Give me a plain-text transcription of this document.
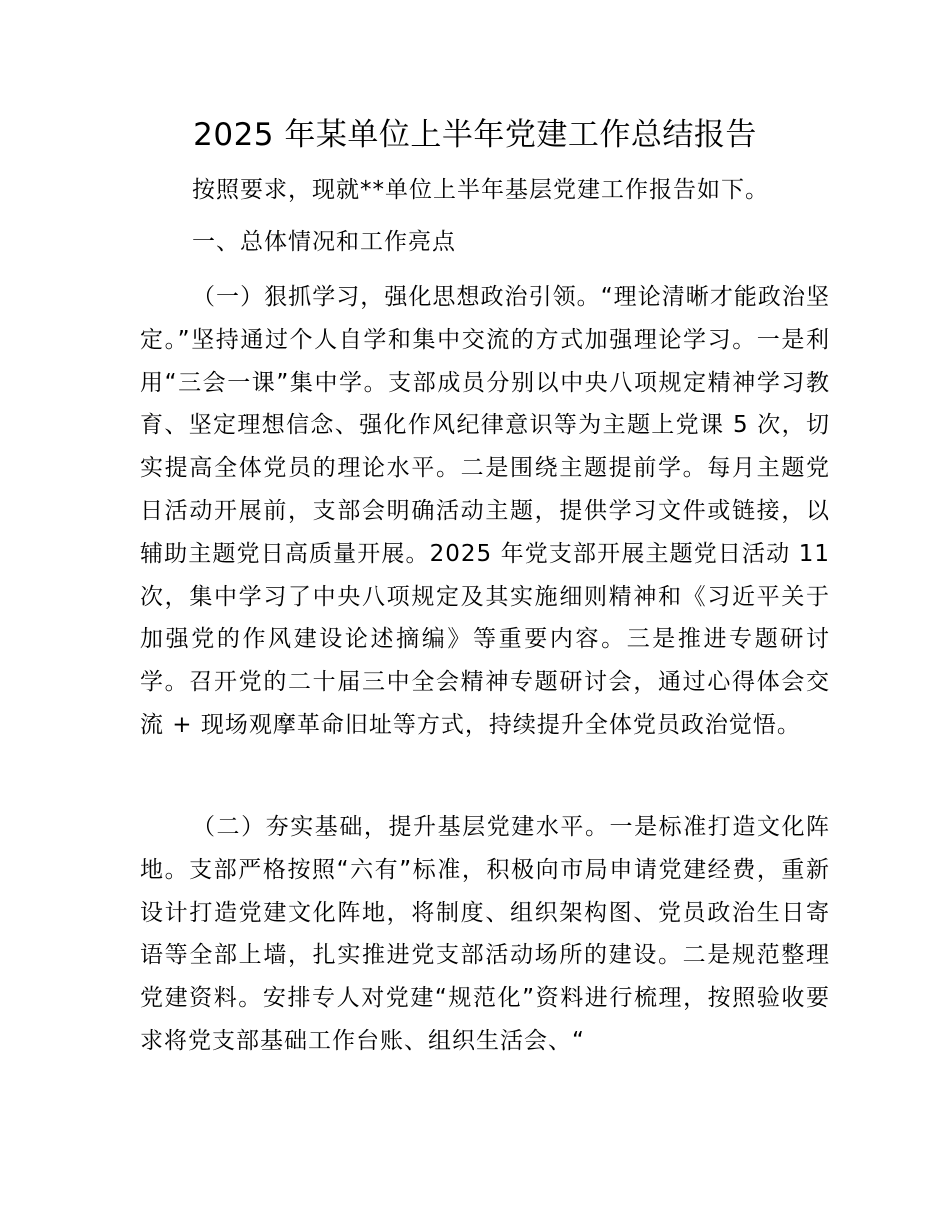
2025 年某单位上半年党建工作总结报告

按照要求，现就**单位上半年基层党建工作报告如下。

一、总体情况和工作亮点

（一）狠抓学习，强化思想政治引领。“理论清晰才能政治坚定。”坚持通过个人自学和集中交流的方式加强理论学习。一是利用“三会一课”集中学。支部成员分别以中央八项规定精神学习教育、坚定理想信念、强化作风纪律意识等为主题上党课 5 次，切实提高全体党员的理论水平。二是围绕主题提前学。每月主题党日活动开展前，支部会明确活动主题，提供学习文件或链接，以辅助主题党日高质量开展。2025 年党支部开展主题党日活动 11 次，集中学习了中央八项规定及其实施细则精神和《习近平关于加强党的作风建设论述摘编》等重要内容。三是推进专题研讨学。召开党的二十届三中全会精神专题研讨会，通过心得体会交流 + 现场观摩革命旧址等方式，持续提升全体党员政治觉悟。

（二）夯实基础，提升基层党建水平。一是标准打造文化阵地。支部严格按照“六有”标准，积极向市局申请党建经费，重新设计打造党建文化阵地，将制度、组织架构图、党员政治生日寄语等全部上墙，扎实推进党支部活动场所的建设。二是规范整理党建资料。安排专人对党建“规范化”资料进行梳理，按照验收要求将党支部基础工作台账、组织生活会、“
